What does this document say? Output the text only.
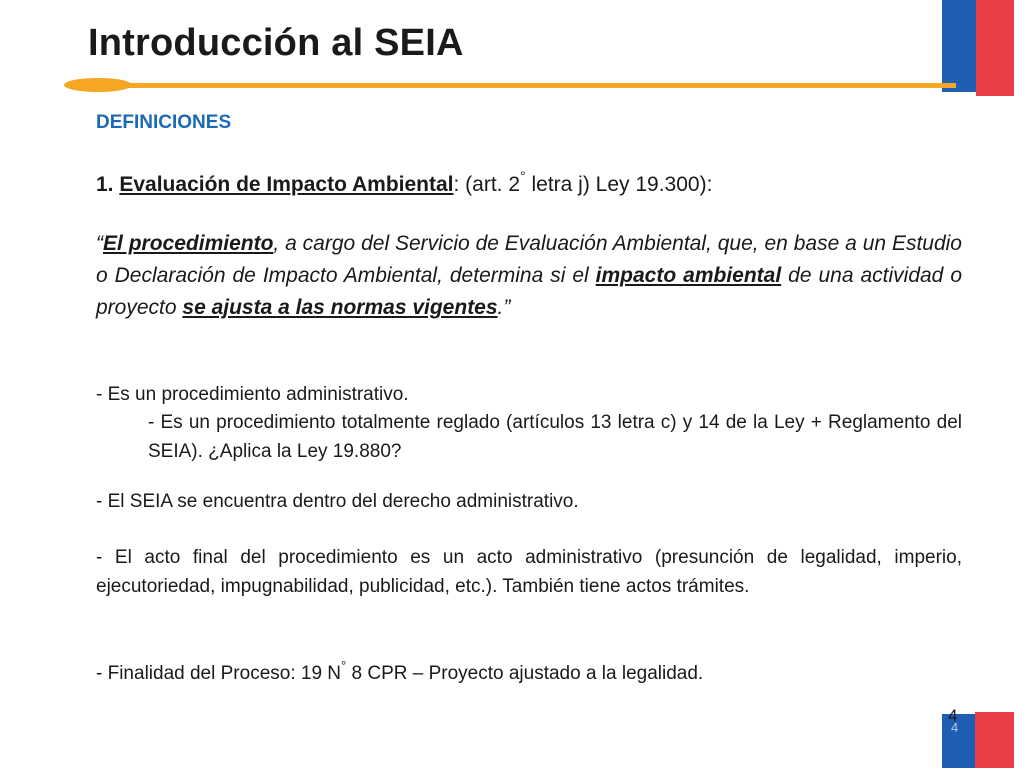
Introducción al SEIA
DEFINICIONES
1. Evaluación de Impacto Ambiental: (art. 2° letra j) Ley 19.300):

“El procedimiento, a cargo del Servicio de Evaluación Ambiental, que, en base a un Estudio o Declaración de Impacto Ambiental, determina si el impacto ambiental de una actividad o proyecto se ajusta a las normas vigentes.”

- Es un procedimiento administrativo.

- Es un procedimiento totalmente reglado (artículos 13 letra c) y 14 de la Ley + Reglamento del SEIA). ¿Aplica la Ley 19.880?

- El SEIA se encuentra dentro del derecho administrativo.

- El acto final del procedimiento es un acto administrativo (presunción de legalidad, imperio, ejecutoriedad, impugnabilidad, publicidad, etc.). También tiene actos trámites.

- Finalidad del Proceso: 19 N° 8 CPR – Proyecto ajustado a la legalidad.

4
4
